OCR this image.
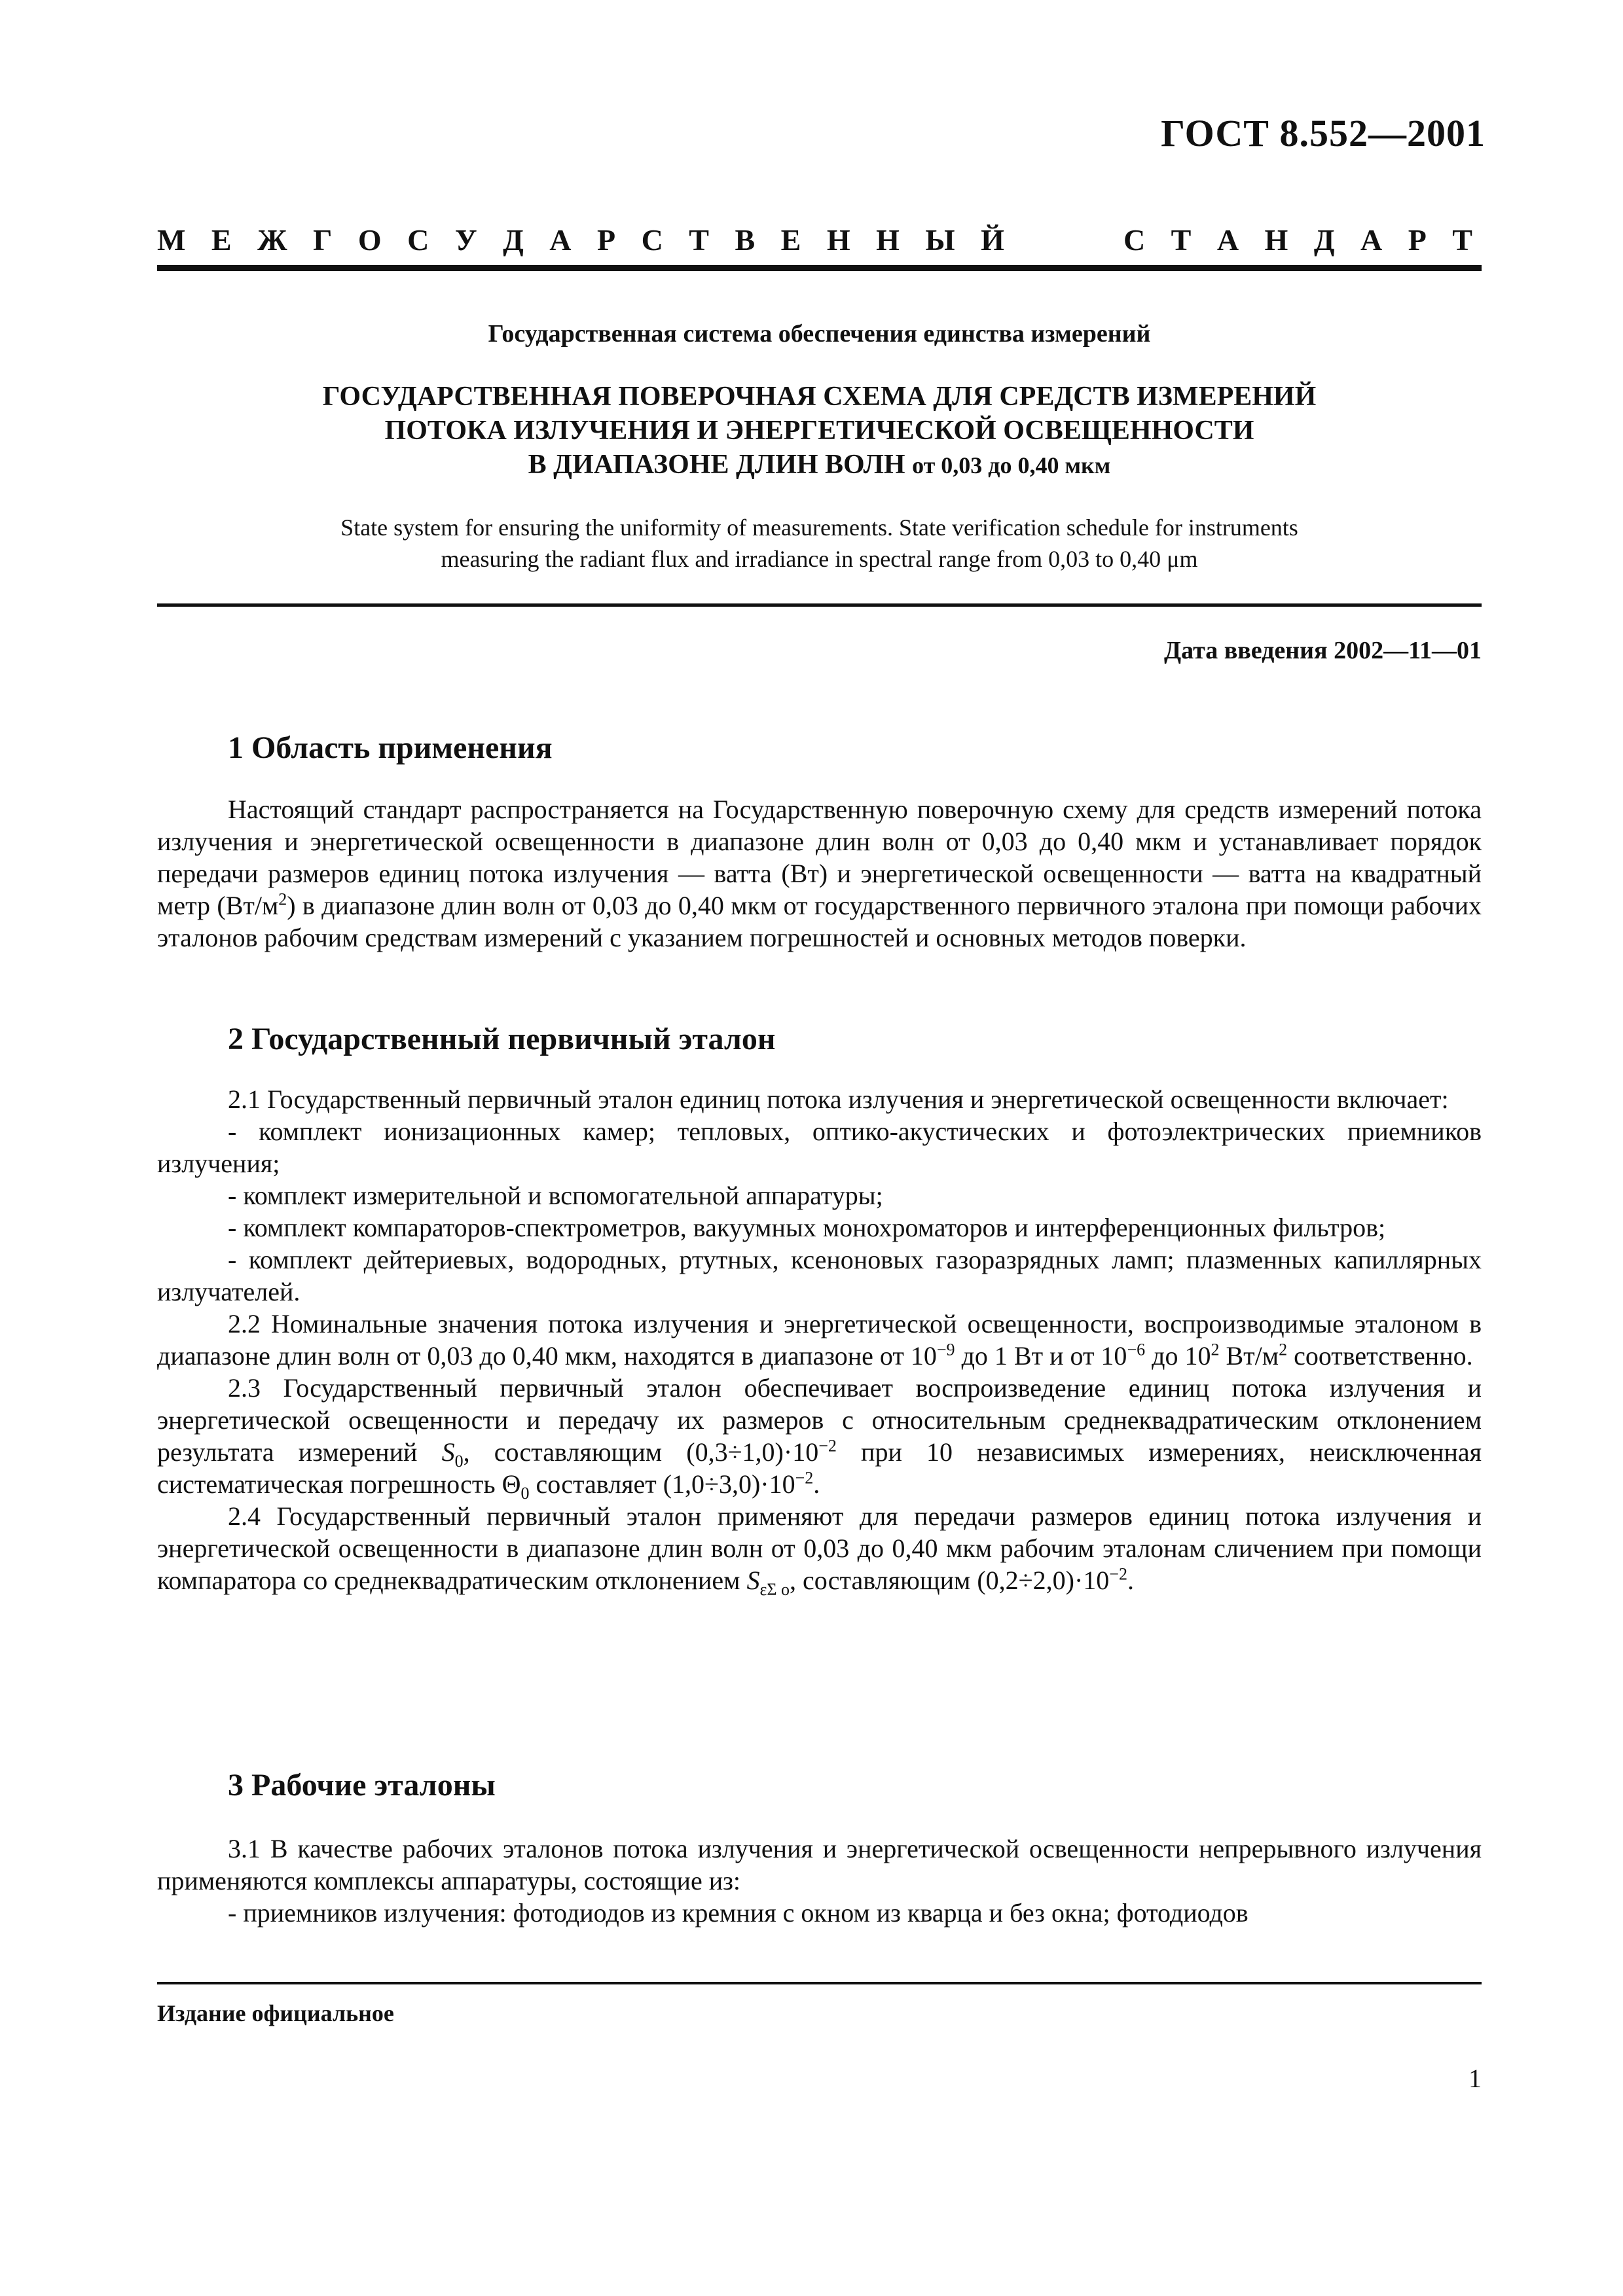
ГОСТ 8.552—2001
М Е Ж Г О С У Д А Р С Т В Е Н Н Ы Й	С Т А Н Д А Р Т
Государственная система обеспечения единства измерений
ГОСУДАРСТВЕННАЯ ПОВЕРОЧНАЯ СХЕМА ДЛЯ СРЕДСТВ ИЗМЕРЕНИЙ
ПОТОКА ИЗЛУЧЕНИЯ И ЭНЕРГЕТИЧЕСКОЙ ОСВЕЩЕННОСТИ
В ДИАПАЗОНЕ ДЛИН ВОЛН от 0,03 до 0,40 мкм
State system for ensuring the uniformity of measurements. State verification schedule for instruments
measuring the radiant flux and irradiance in spectral range from 0,03 to 0,40 μm
Дата введения 2002—11—01
1 Область применения

Настоящий стандарт распространяется на Государственную поверочную схему для средств измерений потока излучения и энергетической освещенности в диапазоне длин волн от 0,03 до 0,40 мкм и устанавливает порядок передачи размеров единиц потока излучения — ватта (Вт) и энергетической освещенности — ватта на квадратный метр $(Вт/м^2)$ в диапазоне длин волн от 0,03 до 0,40 мкм от государственного первичного эталона при помощи рабочих эталонов рабочим средствам измерений с указанием погрешностей и основных методов поверки.

2 Государственный первичный эталон

2.1 Государственный первичный эталон единиц потока излучения и энергетической освещенности включает:

- комплект ионизационных камер; тепловых, оптико-акустических и фотоэлектрических приемников излучения;

- комплект измерительной и вспомогательной аппаратуры;

- комплект компараторов-спектрометров, вакуумных монохроматоров и интерференционных фильтров;

- комплект дейтериевых, водородных, ртутных, ксеноновых газоразрядных ламп; плазменных капиллярных излучателей.

2.2 Номинальные значения потока излучения и энергетической освещенности, воспроизводимые эталоном в диапазоне длин волн от 0,03 до 0,40 мкм, находятся в диапазоне от $10^{-9}$ до 1 Вт и от $10^{-6}$ до $10^2$ $Вт/м^2$ соответственно.

2.3 Государственный первичный эталон обеспечивает воспроизведение единиц потока излучения и энергетической освещенности и передачу их размеров с относительным среднеквадратическим отклонением результата измерений $S_0$, составляющим $(0,3\div 1,0)\cdot 10^{-2}$ при 10 независимых измерениях, неисключенная систематическая погрешность $\Theta_0$ составляет $(1,0\div 3,0)\cdot 10^{-2}$.

2.4 Государственный первичный эталон применяют для передачи размеров единиц потока излучения и энергетической освещенности в диапазоне длин волн от 0,03 до 0,40 мкм рабочим эталонам сличением при помощи компаратора со среднеквадратическим отклонением $S_{\varepsilon\Sigma о}$, составляющим $(0,2\div 2,0)\cdot 10^{-2}$.

3 Рабочие эталоны

3.1 В качестве рабочих эталонов потока излучения и энергетической освещенности непрерывного излучения применяются комплексы аппаратуры, состоящие из:

- приемников излучения: фотодиодов из кремния с окном из кварца и без окна; фотодиодов

Издание официальное
1
